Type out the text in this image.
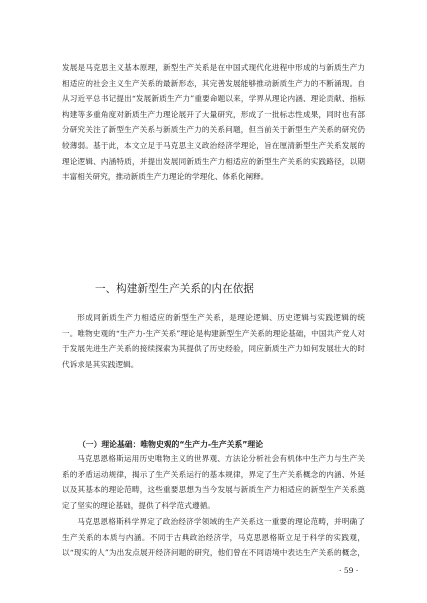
发展是马克思主义基本原理，新型生产关系是在中国式现代化进程中形成的与新质生产力相适应的社会主义生产关系的最新形态，其完善发展能够推动新质生产力的不断涌现。自从习近平总书记提出“发展新质生产力”重要命题以来，学界从理论内涵、理论贡献、指标构建等多重角度对新质生产力理论展开了大量研究，形成了一批标志性成果，同时也有部分研究关注了新型生产关系与新质生产力的关系问题，但当前关于新型生产关系的研究仍较薄弱。基于此，本文立足于马克思主义政治经济学理论，旨在厘清新型生产关系发展的理论逻辑、内涵特质，并提出发展同新质生产力相适应的新型生产关系的实践路径，以期丰富相关研究，推动新质生产力理论的学理化、体系化阐释。

一、构建新型生产关系的内在依据

形成同新质生产力相适应的新型生产关系，是理论逻辑、历史逻辑与实践逻辑的统一。唯物史观的“生产力-生产关系”理论是构建新型生产关系的理论基础，中国共产党人对于发展先进生产关系的接续探索为其提供了历史经验，同应新质生产力如何发展壮大的时代诉求是其实践逻辑。

（一）理论基础：唯物史观的“生产力-生产关系”理论

马克思恩格斯运用历史唯物主义的世界观、方法论分析社会有机体中生产力与生产关系的矛盾运动规律，揭示了生产关系运行的基本规律，界定了生产关系概念的内涵、外延以及其基本的理论范畴，这些重要思想为当今发展与新质生产力相适应的新型生产关系奠定了坚实的理论基础，提供了科学范式遵循。

马克思恩格斯科学界定了政治经济学领域的生产关系这一重要的理论范畴，并明确了生产关系的本质与内涵。不同于古典政治经济学，马克思恩格斯立足于科学的实践观，以“现实的人”为出发点展开经济问题的研究，他们曾在不同语境中表达生产关系的概念，

· 59 ·
